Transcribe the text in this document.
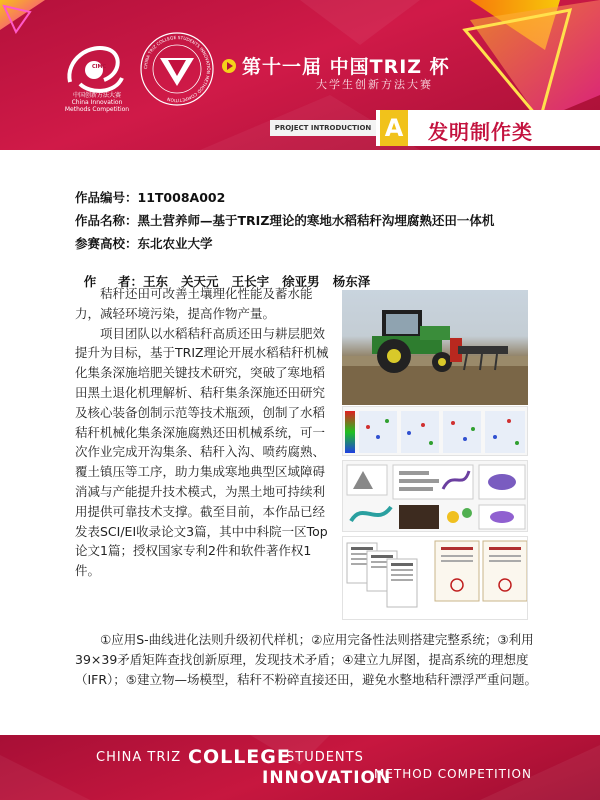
CIMC
中国创新方法大赛
China Innovation
Methods Competition
CHINA TRIZ COLLEGE STUDENTS INNOVATION METHOD COMPETITION
第十一届 中国TRIZ 杯
大学生创新方法大赛
PROJECT INTRODUCTION A 发明制作类
作品编号：11T008A002
作品名称：黑土营养师—基于TRIZ理论的寒地水稻秸秆沟埋腐熟还田一体机
参赛高校：东北农业大学

作     者：王东   关天元   王长宇   徐亚男   杨东泽

秸秆还田可改善土壤理化性能及蓄水能力，减轻环境污染，提高作物产量。

项目团队以水稻秸秆高质还田与耕层肥效提升为目标，基于TRIZ理论开展水稻秸秆机械化集条深施培肥关键技术研究，突破了寒地稻田黑土退化机理解析、秸秆集条深施还田研究及核心装备创制示范等技术瓶颈，创制了水稻秸秆机械化集条深施腐熟还田机械系统，可一次作业完成开沟集条、秸秆入沟、喷药腐熟、覆土镇压等工序，助力集成寒地典型区域障碍消减与产能提升技术模式，为黑土地可持续利用提供可靠技术支撑。截至目前，本作品已经发表SCI/EI收录论文3篇，其中中科院一区Top论文1篇；授权国家专利2件和软件著作权1件。

①应用S-曲线进化法则升级初代样机；②应用完备性法则搭建完整系统；③利用39×39矛盾矩阵查找创新原理，发现技术矛盾；④建立九屏图，提高系统的理想度（IFR）；⑤建立物—场模型，秸秆不粉碎直接还田，避免水整地秸秆漂浮严重问题。
CHINA TRIZ COLLEGE
STUDENTS
INNOVATION
METHOD COMPETITION
